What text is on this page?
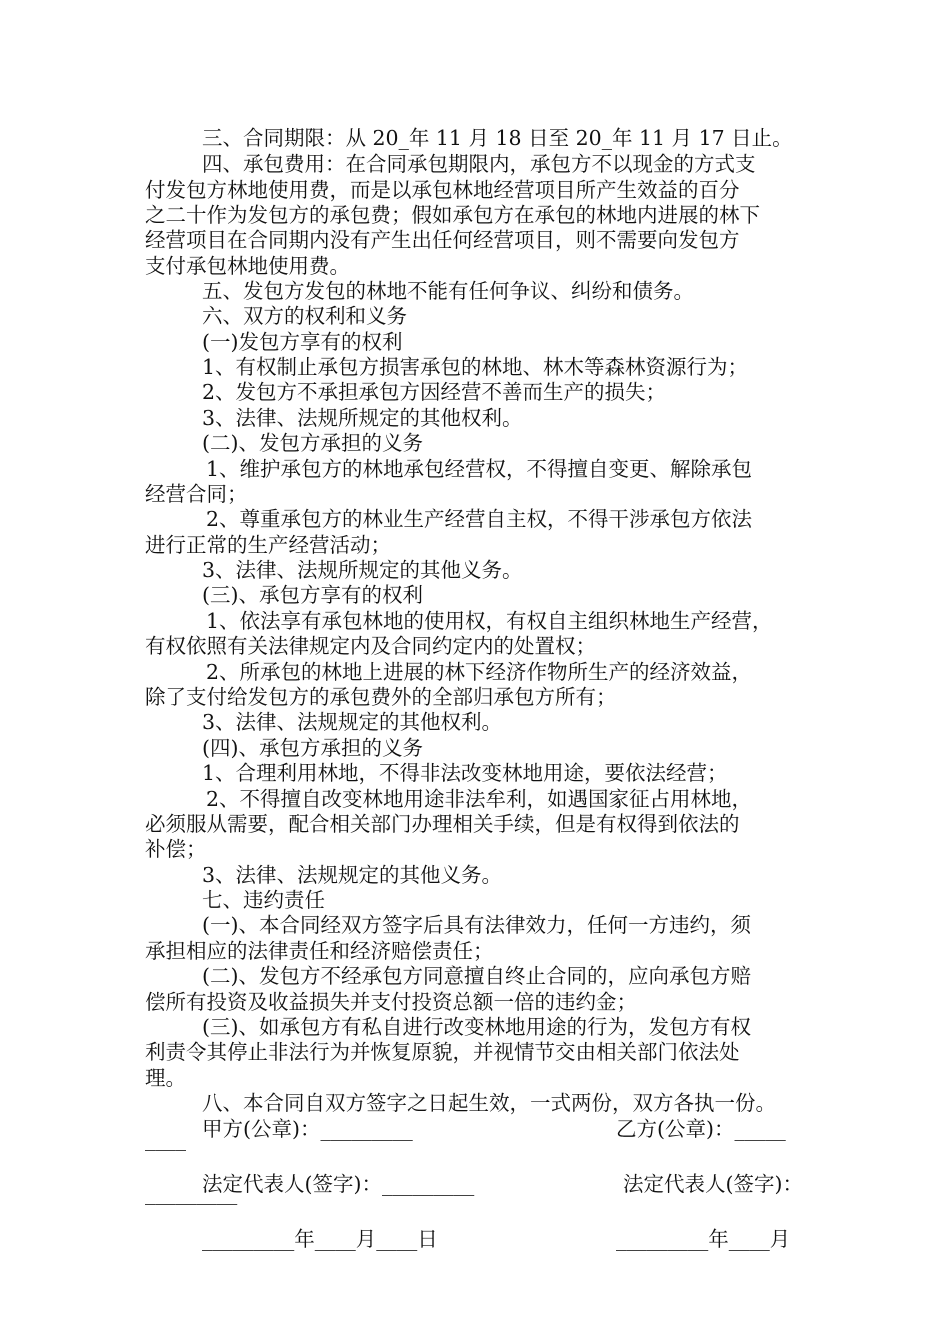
三、合同期限：从 20_年 11 月 18 日至 20_年 11 月 17 日止。
四、承包费用：在合同承包期限内，承包方不以现金的方式支
付发包方林地使用费，而是以承包林地经营项目所产生效益的百分
之二十作为发包方的承包费；假如承包方在承包的林地内进展的林下
经营项目在合同期内没有产生出任何经营项目，则不需要向发包方
支付承包林地使用费。
五、发包方发包的林地不能有任何争议、纠纷和债务。
六、双方的权利和义务
(一)发包方享有的权利
1、有权制止承包方损害承包的林地、林木等森林资源行为；
2、发包方不承担承包方因经营不善而生产的损失；
3、法律、法规所规定的其他权利。
(二)、发包方承担的义务
1、维护承包方的林地承包经营权，不得擅自变更、解除承包
经营合同；
2、尊重承包方的林业生产经营自主权，不得干涉承包方依法
进行正常的生产经营活动；
3、法律、法规所规定的其他义务。
(三)、承包方享有的权利
1、依法享有承包林地的使用权，有权自主组织林地生产经营，
有权依照有关法律规定内及合同约定内的处置权；
2、所承包的林地上进展的林下经济作物所生产的经济效益，
除了支付给发包方的承包费外的全部归承包方所有；
3、法律、法规规定的其他权利。
(四)、承包方承担的义务
1、合理利用林地，不得非法改变林地用途，要依法经营；
2、不得擅自改变林地用途非法牟利，如遇国家征占用林地，
必须服从需要，配合相关部门办理相关手续，但是有权得到依法的
补偿；
3、法律、法规规定的其他义务。
七、违约责任
(一)、本合同经双方签字后具有法律效力，任何一方违约，须
承担相应的法律责任和经济赔偿责任；
(二)、发包方不经承包方同意擅自终止合同的，应向承包方赔
偿所有投资及收益损失并支付投资总额一倍的违约金；
(三)、如承包方有私自进行改变林地用途的行为，发包方有权
利责令其停止非法行为并恢复原貌，并视情节交由相关部门依法处
理。
八、本合同自双方签字之日起生效，一式两份，双方各执一份。
甲方(公章)：_________	乙方(公章)：_____
____
法定代表人(签字)：_________	法定代表人(签字)：
_________
_________年____月____日	_________年____月
